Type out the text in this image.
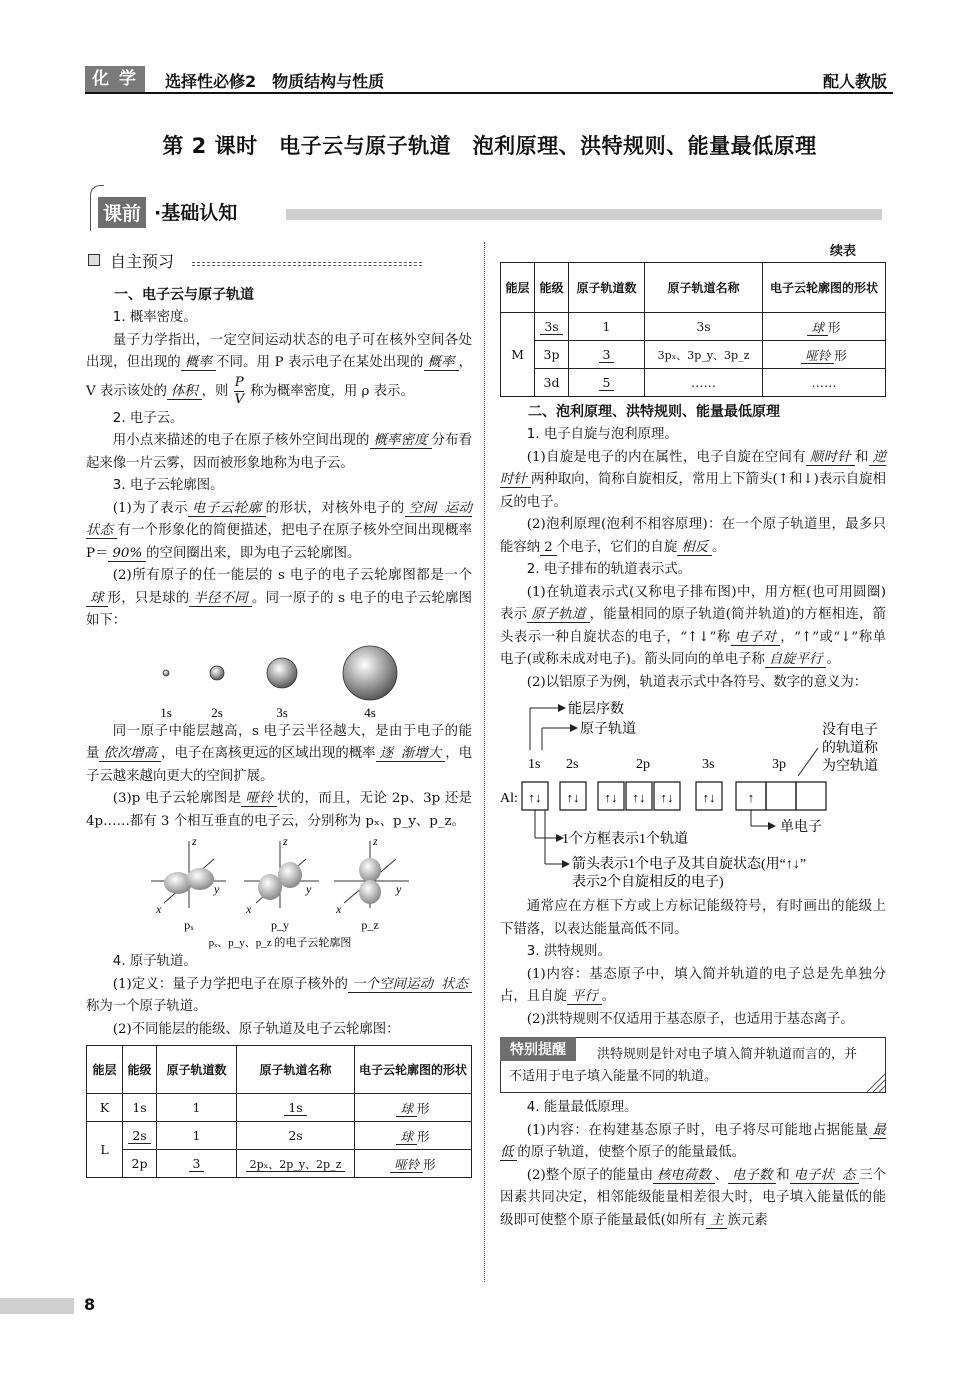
化 学	选择性必修2　物质结构与性质	配人教版
第 2 课时　电子云与原子轨道　泡利原理、洪特规则、能量最低原理
课前 ·基础认知
自主预习
一、电子云与原子轨道
1. 概率密度。
量子力学指出，一定空间运动状态的电子可在核外空间各处出现，但出现的 概率 不同。用 P 表示电子在某处出现的 概率 ，V 表示该处的 体积 ，则 $\frac{P}{V}$ 称为概率密度，用 ρ 表示。
2. 电子云。
用小点来描述的电子在原子核外空间出现的 概率密度 分布看起来像一片云雾，因而被形象地称为电子云。
3. 电子云轮廓图。
(1)为了表示 电子云轮廓 的形状，对核外电子的 空间 运动状态 有一个形象化的简便描述，把电子在原子核外空间出现概率 P＝ 90% 的空间圈出来，即为电子云轮廓图。
(2)所有原子的任一能层的 s 电子的电子云轮廓图都是一个球 形，只是球的 半径不同 。同一原子的 s 电子的电子云轮廓图如下：
1s	2s	3s	4s
同一原子中能层越高，s 电子云半径越大，是由于电子的能量 依次增高 ，电子在离核更远的区域出现的概率 逐 渐增大 ，电子云越来越向更大的空间扩展。
(3)p 电子云轮廓图是 哑铃 状的，而且，无论 2p、3p 还是 4p……都有 3 个相互垂直的电子云，分别称为 pₓ、p_y、p_z。
z
y
x
z
y
x
z
y
x
pₓ	p_y	p_z
pₓ、p_y、p_z 的电子云轮廓图
4. 原子轨道。
(1)定义：量子力学把电子在原子核外的 一个空间运动 状态称为一个原子轨道。
(2)不同能层的能级、原子轨道及电子云轮廓图：
能层	能级	原子轨道数	原子轨道名称	电子云轮廓图的形状
K	1s	1	1s	球 形
L	2s	1	2s	球 形
	2p	3	2pₓ、2p_y、2p_z	哑铃 形
续表
能层	能级	原子轨道数	原子轨道名称	电子云轮廓图的形状
M	3s	1	3s	球 形
	3p	3	3pₓ、3p_y、3p_z	哑铃 形
	3d	5	……	……
二、泡利原理、洪特规则、能量最低原理
1. 电子自旋与泡利原理。
(1)自旋是电子的内在属性，电子自旋在空间有 顺时针 和 逆时针 两种取向，简称自旋相反，常用上下箭头(↑和↓)表示自旋相反的电子。
(2)泡利原理(泡利不相容原理)：在一个原子轨道里，最多只能容纳 2 个电子，它们的自旋 相反 。
2. 电子排布的轨道表示式。
(1)在轨道表示式(又称电子排布图)中，用方框(也可用圆圈)表示 原子轨道 ，能量相同的原子轨道(简并轨道)的方框相连，箭头表示一种自旋状态的电子，“↑↓”称 电子对 ，“↑”或“↓”称单电子(或称未成对电子)。箭头同向的单电子称 自旋平行 。
(2)以铝原子为例，轨道表示式中各符号、数字的意义为：
能层序数
原子轨道	没有电子
的轨道称
为空轨道
1s 2s	2p	3s	3p
Al: ↑↓ ↑↓ ↑↓ ↑↓ ↑↓ ↑↓ ↑
单电子
1个方框表示1个轨道
箭头表示1个电子及其自旋状态(用“↑↓”
表示2个自旋相反的电子)
通常应在方框下方或上方标记能级符号，有时画出的能级上下错落，以表达能量高低不同。
3. 洪特规则。
(1)内容：基态原子中，填入简并轨道的电子总是先单独分占，且自旋 平行 。
(2)洪特规则不仅适用于基态原子，也适用于基态离子。
特别提醒	洪特规则是针对电子填入简并轨道而言的，并不适用于电子填入能量不同的轨道。
4. 能量最低原理。
(1)内容：在构建基态原子时，电子将尽可能地占据能量 最低 的原子轨道，使整个原子的能量最低。
(2)整个原子的能量由 核电荷数 、 电子数 和 电子状 态 三个因素共同决定，相邻能级能量相差很大时，电子填入能量低的能级即可使整个原子能量最低(如所有 主 族元素
8
